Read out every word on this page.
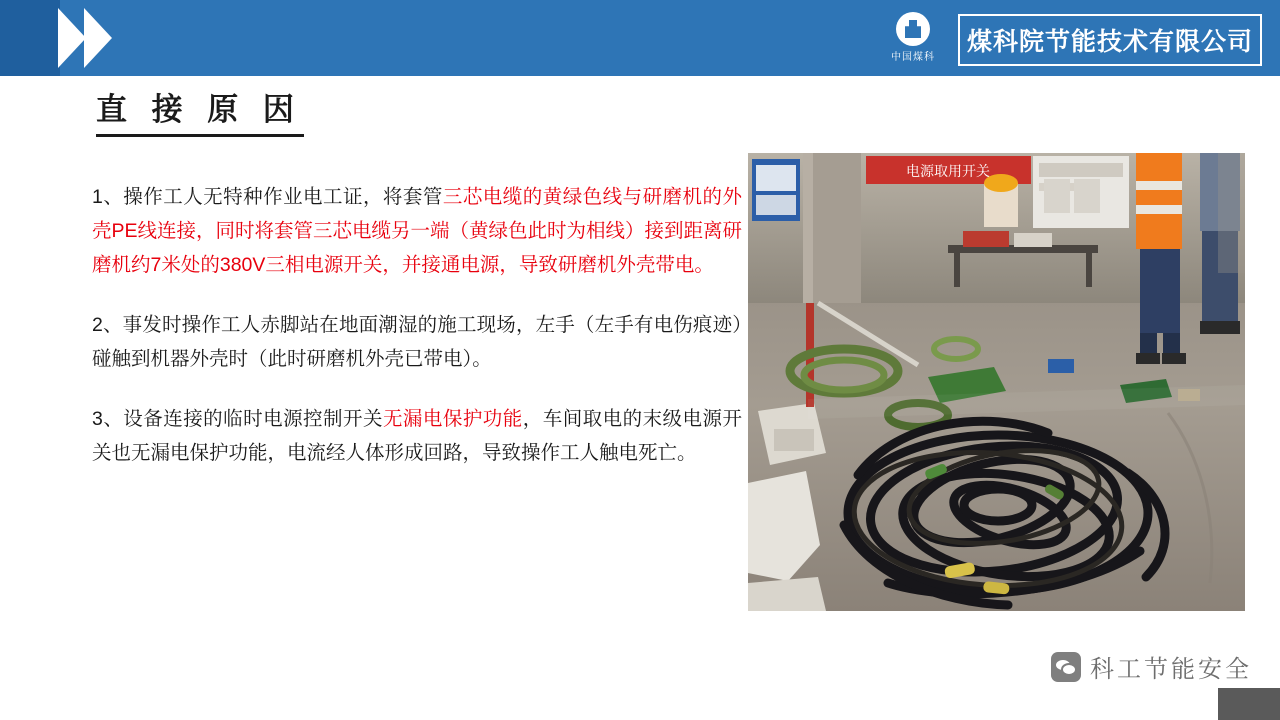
中国煤科
煤科院节能技术有限公司
直 接 原 因

1、操作工人无特种作业电工证，将套管三芯电缆的黄绿色线与研磨机的外壳PE线连接，同时将套管三芯电缆另一端（黄绿色此时为相线）接到距离研磨机约7米处的380V三相电源开关，并接通电源，导致研磨机外壳带电。

2、事发时操作工人赤脚站在地面潮湿的施工现场，左手（左手有电伤痕迹）碰触到机器外壳时（此时研磨机外壳已带电）。

3、设备连接的临时电源控制开关无漏电保护功能，车间取电的末级电源开关也无漏电保护功能，电流经人体形成回路，导致操作工人触电死亡。

电源取用开关
科工节能安全
